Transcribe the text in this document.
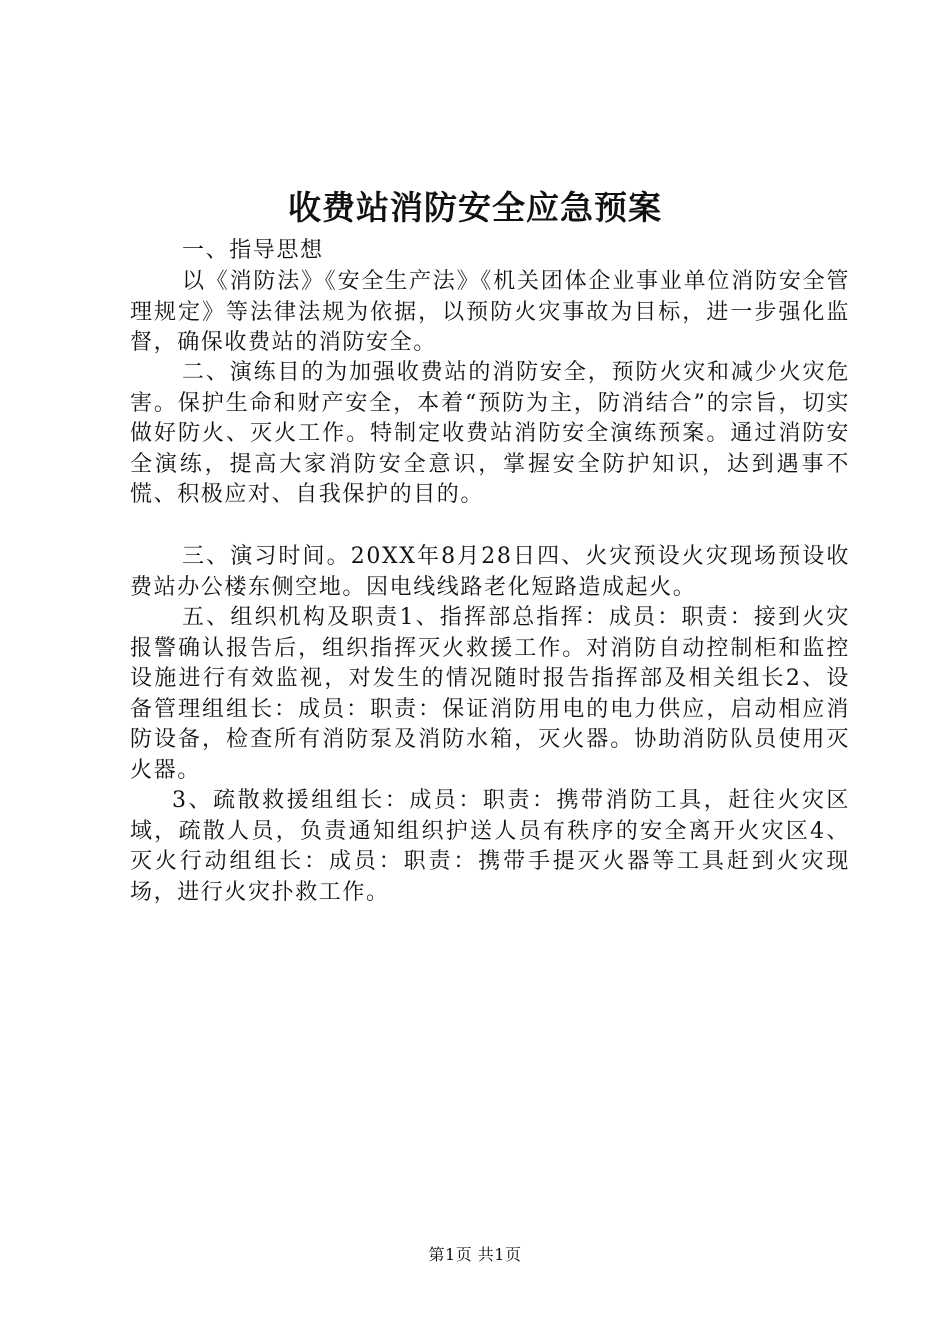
收费站消防安全应急预案
一、指导思想
以《消防法》《安全生产法》《机关团体企业事业单位消防安全管理规定》等法律法规为依据，以预防火灾事故为目标，进一步强化监督，确保收费站的消防安全。
二、演练目的为加强收费站的消防安全，预防火灾和减少火灾危害。保护生命和财产安全，本着“预防为主，防消结合”的宗旨，切实做好防火、灭火工作。特制定收费站消防安全演练预案。通过消防安全演练，提高大家消防安全意识，掌握安全防护知识，达到遇事不慌、积极应对、自我保护的目的。
三、演习时间。20XX年8月28日四、火灾预设火灾现场预设收费站办公楼东侧空地。因电线线路老化短路造成起火。
五、组织机构及职责1、指挥部总指挥：成员：职责：接到火灾报警确认报告后，组织指挥灭火救援工作。对消防自动控制柜和监控设施进行有效监视，对发生的情况随时报告指挥部及相关组长2、设备管理组组长：成员：职责：保证消防用电的电力供应，启动相应消防设备，检查所有消防泵及消防水箱，灭火器。协助消防队员使用灭火器。
3、疏散救援组组长：成员：职责：携带消防工具，赶往火灾区域，疏散人员，负责通知组织护送人员有秩序的安全离开火灾区4、灭火行动组组长：成员：职责：携带手提灭火器等工具赶到火灾现场，进行火灾扑救工作。
第1页 共1页
